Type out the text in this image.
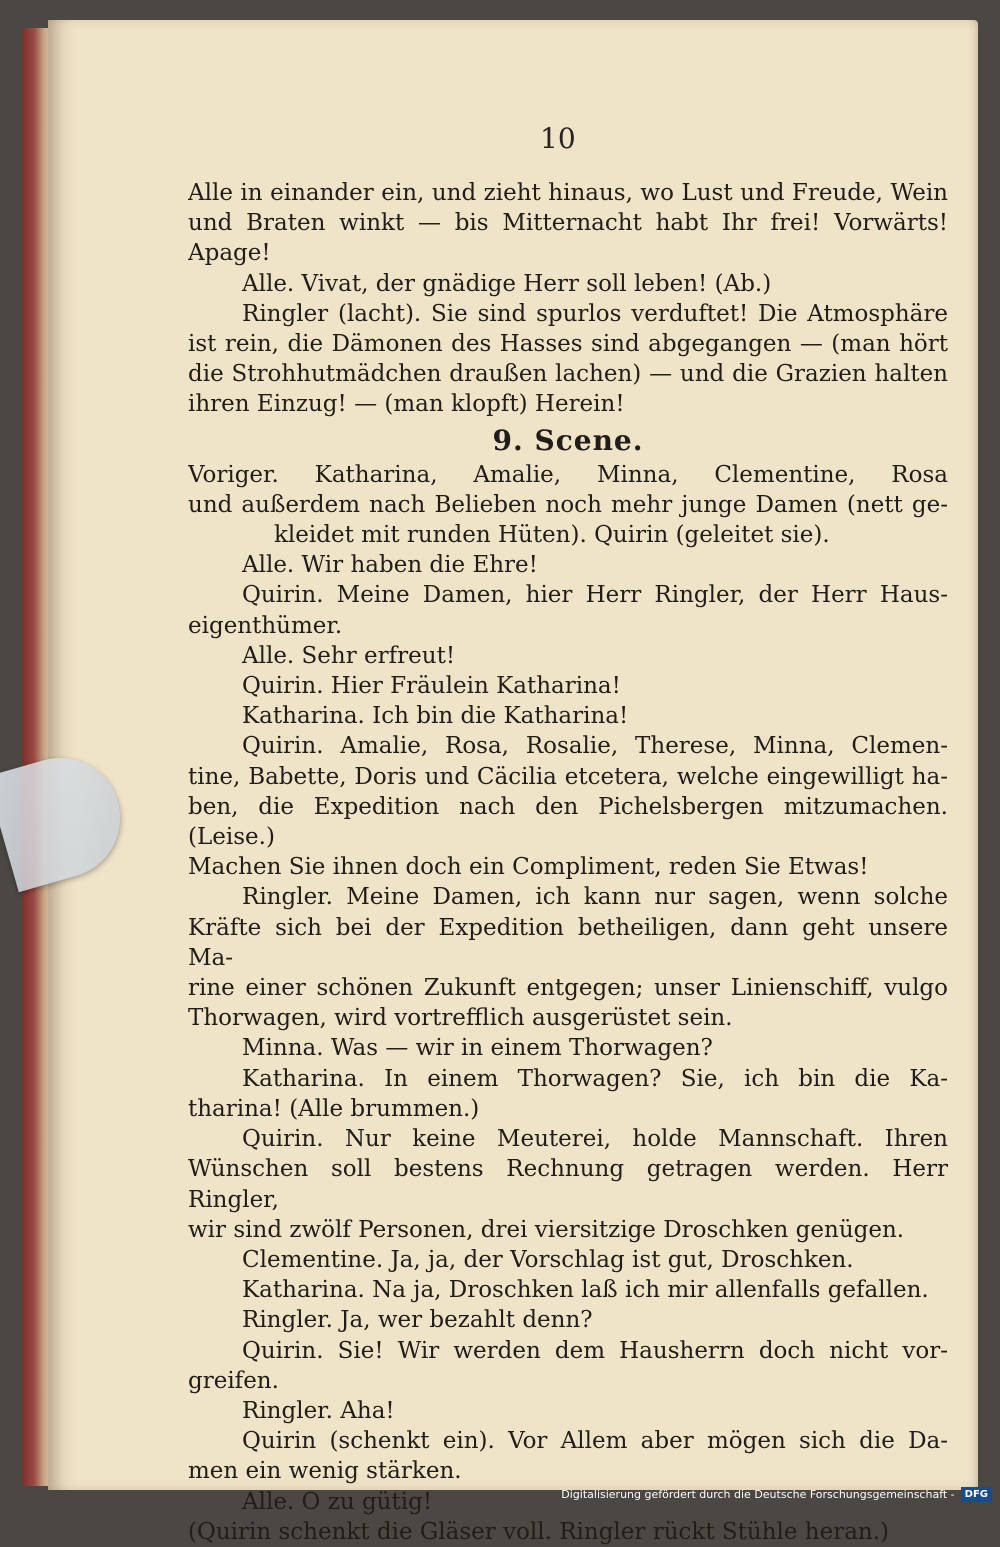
10
Alle in einander ein, und zieht hinaus, wo Lust und Freude, Wein
und Braten winkt — bis Mitternacht habt Ihr frei! Vorwärts!
Apage!
Alle. Vivat, der gnädige Herr soll leben! (Ab.)
Ringler (lacht). Sie sind spurlos verduftet! Die Atmosphäre
ist rein, die Dämonen des Hasses sind abgegangen — (man hört
die Strohhutmädchen draußen lachen) — und die Grazien halten
ihren Einzug! — (man klopft) Herein!
9. Scene.
Voriger. Katharina, Amalie, Minna, Clementine, Rosa
und außerdem nach Belieben noch mehr junge Damen (nett ge-
kleidet mit runden Hüten). Quirin (geleitet sie).
Alle. Wir haben die Ehre!
Quirin. Meine Damen, hier Herr Ringler, der Herr Haus-
eigenthümer.
Alle. Sehr erfreut!
Quirin. Hier Fräulein Katharina!
Katharina. Ich bin die Katharina!
Quirin. Amalie, Rosa, Rosalie, Therese, Minna, Clemen-
tine, Babette, Doris und Cäcilia etcetera, welche eingewilligt ha-
ben, die Expedition nach den Pichelsbergen mitzumachen. (Leise.)
Machen Sie ihnen doch ein Compliment, reden Sie Etwas!
Ringler. Meine Damen, ich kann nur sagen, wenn solche
Kräfte sich bei der Expedition betheiligen, dann geht unsere Ma-
rine einer schönen Zukunft entgegen; unser Linienschiff, vulgo
Thorwagen, wird vortrefflich ausgerüstet sein.
Minna. Was — wir in einem Thorwagen?
Katharina. In einem Thorwagen? Sie, ich bin die Ka-
tharina! (Alle brummen.)
Quirin. Nur keine Meuterei, holde Mannschaft. Ihren
Wünschen soll bestens Rechnung getragen werden. Herr Ringler,
wir sind zwölf Personen, drei viersitzige Droschken genügen.
Clementine. Ja, ja, der Vorschlag ist gut, Droschken.
Katharina. Na ja, Droschken laß ich mir allenfalls gefallen.
Ringler. Ja, wer bezahlt denn?
Quirin. Sie! Wir werden dem Hausherrn doch nicht vor-
greifen.
Ringler. Aha!
Quirin (schenkt ein). Vor Allem aber mögen sich die Da-
men ein wenig stärken.
Alle. O zu gütig!
(Quirin schenkt die Gläser voll. Ringler rückt Stühle heran.)
Digitalisierung gefördert durch die Deutsche Forschungsgemeinschaft -	DFG
